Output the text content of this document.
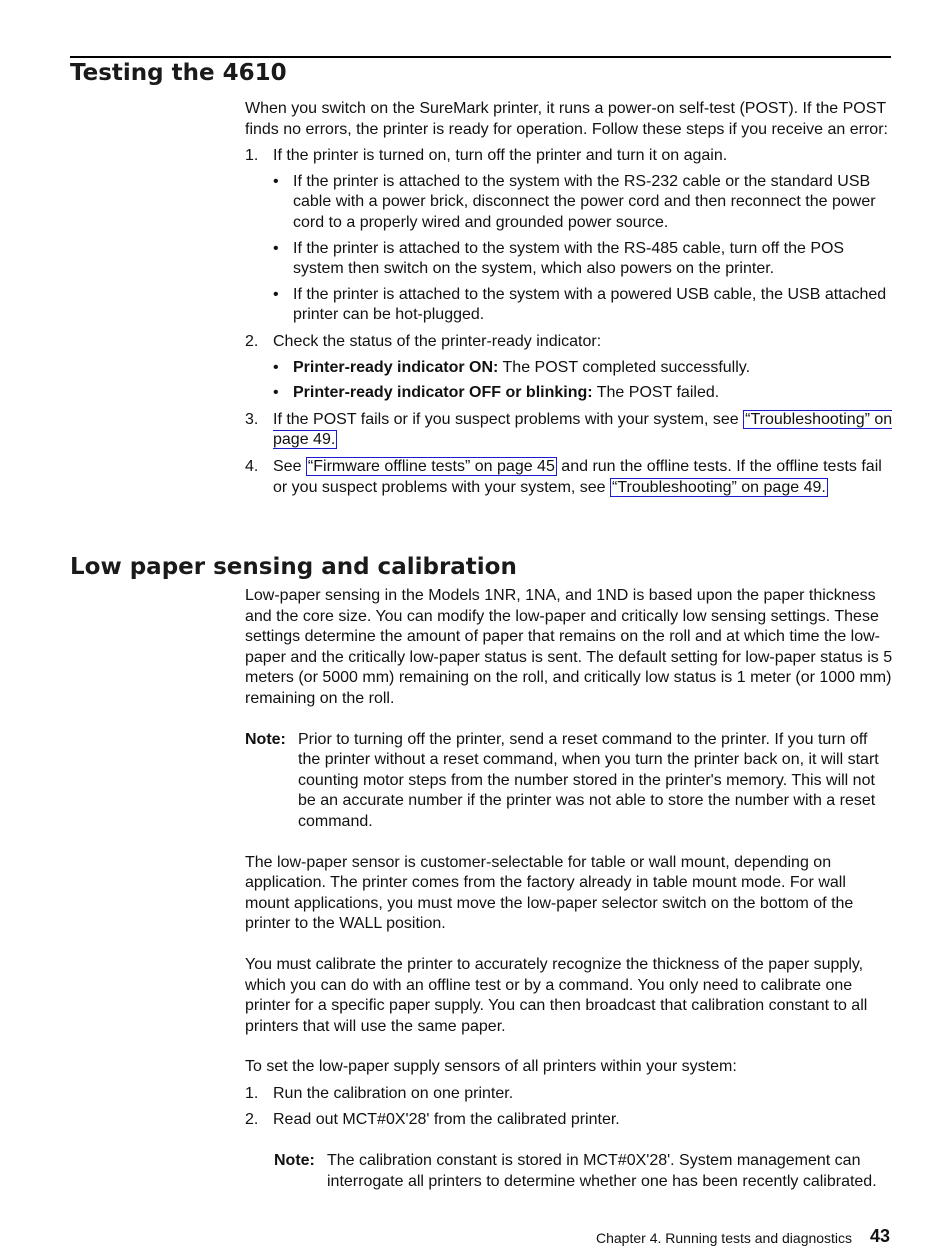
Testing the 4610

When you switch on the SureMark printer, it runs a power-on self-test (POST). If the POST finds no errors, the printer is ready for operation. Follow these steps if you receive an error:

1. If the printer is turned on, turn off the printer and turn it on again.
• If the printer is attached to the system with the RS-232 cable or the standard USB cable with a power brick, disconnect the power cord and then reconnect the power cord to a properly wired and grounded power source.
• If the printer is attached to the system with the RS-485 cable, turn off the POS system then switch on the system, which also powers on the printer.
• If the printer is attached to the system with a powered USB cable, the USB attached printer can be hot-plugged.
2. Check the status of the printer-ready indicator:
• Printer-ready indicator ON: The POST completed successfully.
• Printer-ready indicator OFF or blinking: The POST failed.
3. If the POST fails or if you suspect problems with your system, see “Troubleshooting” on page 49.
4. See “Firmware offline tests” on page 45 and run the offline tests. If the offline tests fail or you suspect problems with your system, see “Troubleshooting” on page 49.
Low paper sensing and calibration

Low-paper sensing in the Models 1NR, 1NA, and 1ND is based upon the paper thickness and the core size. You can modify the low-paper and critically low sensing settings. These settings determine the amount of paper that remains on the roll and at which time the low-paper and the critically low-paper status is sent. The default setting for low-paper status is 5 meters (or 5000 mm) remaining on the roll, and critically low status is 1 meter (or 1000 mm) remaining on the roll.

Note: Prior to turning off the printer, send a reset command to the printer. If you turn off the printer without a reset command, when you turn the printer back on, it will start counting motor steps from the number stored in the printer's memory. This will not be an accurate number if the printer was not able to store the number with a reset command.

The low-paper sensor is customer-selectable for table or wall mount, depending on application. The printer comes from the factory already in table mount mode. For wall mount applications, you must move the low-paper selector switch on the bottom of the printer to the WALL position.

You must calibrate the printer to accurately recognize the thickness of the paper supply, which you can do with an offline test or by a command. You only need to calibrate one printer for a specific paper supply. You can then broadcast that calibration constant to all printers that will use the same paper.

To set the low-paper supply sensors of all printers within your system:

1. Run the calibration on one printer.
2. Read out MCT#0X'28' from the calibrated printer.
Note: The calibration constant is stored in MCT#0X'28'. System management can interrogate all printers to determine whether one has been recently calibrated.
Chapter 4. Running tests and diagnostics 43
